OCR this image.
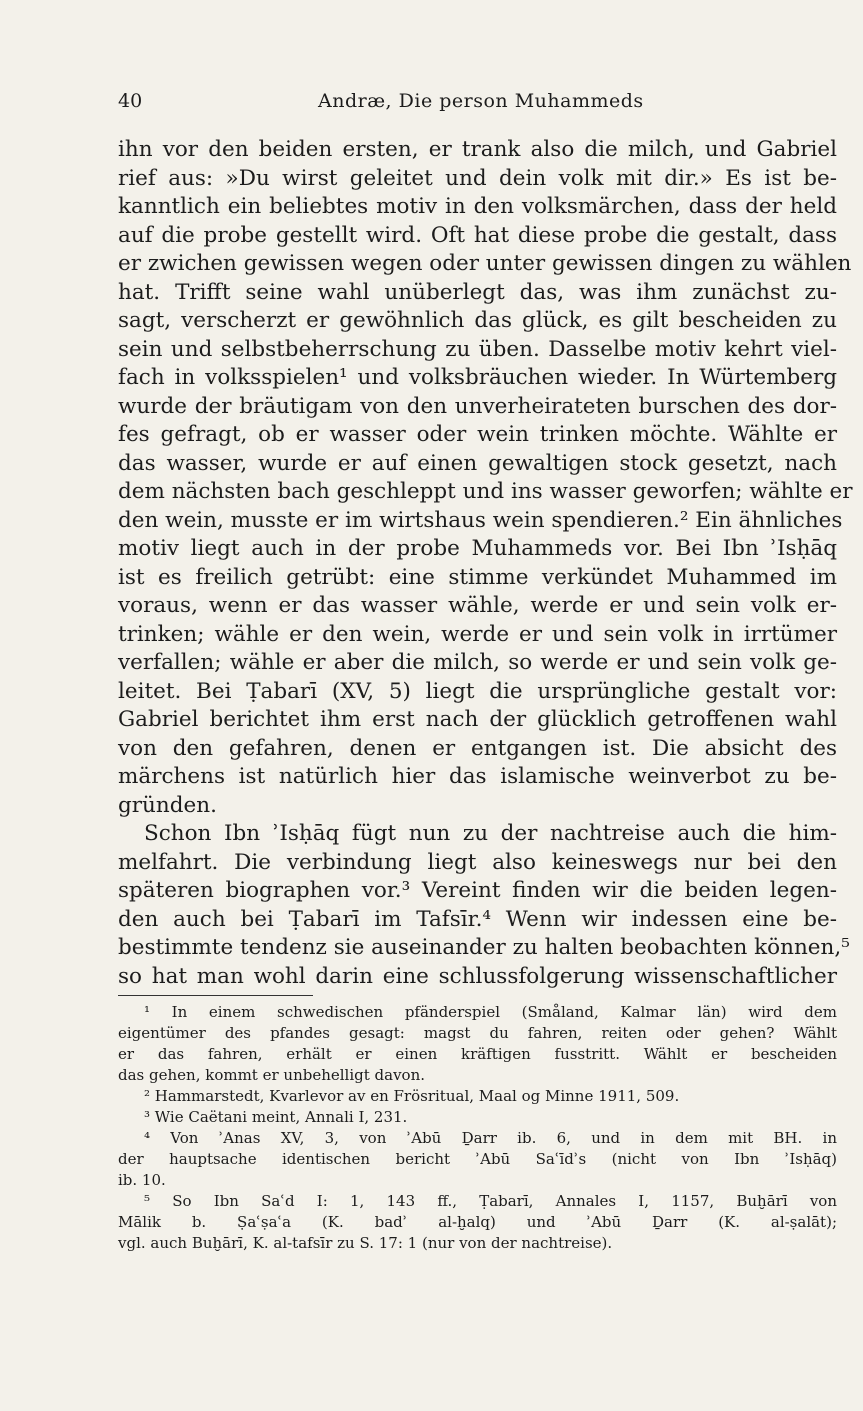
40	Andræ, Die person Muhammeds
ihn vor den beiden ersten, er trank also die milch, und Gabriel
rief aus: »Du wirst geleitet und dein volk mit dir.» Es ist be-
kanntlich ein beliebtes motiv in den volksmärchen, dass der held
auf die probe gestellt wird. Oft hat diese probe die gestalt, dass
er zwichen gewissen wegen oder unter gewissen dingen zu wählen
hat. Trifft seine wahl unüberlegt das, was ihm zunächst zu-
sagt, verscherzt er gewöhnlich das glück, es gilt bescheiden zu
sein und selbstbeherrschung zu üben. Dasselbe motiv kehrt viel-
fach in volksspielen¹ und volksbräuchen wieder. In Würtemberg
wurde der bräutigam von den unverheirateten burschen des dor-
fes gefragt, ob er wasser oder wein trinken möchte. Wählte er
das wasser, wurde er auf einen gewaltigen stock gesetzt, nach
dem nächsten bach geschleppt und ins wasser geworfen; wählte er
den wein, musste er im wirtshaus wein spendieren.² Ein ähnliches
motiv liegt auch in der probe Muhammeds vor. Bei Ibn ʾIsḥāq
ist es freilich getrübt: eine stimme verkündet Muhammed im
voraus, wenn er das wasser wähle, werde er und sein volk er-
trinken; wähle er den wein, werde er und sein volk in irrtümer
verfallen; wähle er aber die milch, so werde er und sein volk ge-
leitet. Bei Ṭabarī (XV, 5) liegt die ursprüngliche gestalt vor:
Gabriel berichtet ihm erst nach der glücklich getroffenen wahl
von den gefahren, denen er entgangen ist. Die absicht des
märchens ist natürlich hier das islamische weinverbot zu be-
gründen.
Schon Ibn ʾIsḥāq fügt nun zu der nachtreise auch die him-
melfahrt. Die verbindung liegt also keineswegs nur bei den
späteren biographen vor.³ Vereint finden wir die beiden legen-
den auch bei Ṭabarī im Tafsīr.⁴ Wenn wir indessen eine be-
bestimmte tendenz sie auseinander zu halten beobachten können,⁵
so hat man wohl darin eine schlussfolgerung wissenschaftlicher
¹ In einem schwedischen pfänderspiel (Småland, Kalmar län) wird dem
eigentümer des pfandes gesagt: magst du fahren, reiten oder gehen? Wählt
er das fahren, erhält er einen kräftigen fusstritt. Wählt er bescheiden
das gehen, kommt er unbehelligt davon.
² Hammarstedt, Kvarlevor av en Frösritual, Maal og Minne 1911, 509.
³ Wie Caëtani meint, Annali I, 231.
⁴ Von ʾAnas XV, 3, von ʾAbū Ḏarr ib. 6, und in dem mit BH. in
der hauptsache identischen bericht ʾAbū Saʿīdʾs (nicht von Ibn ʾIsḥāq)
ib. 10.
⁵ So Ibn Saʿd I: 1, 143 ff., Ṭabarī, Annales I, 1157, Buḫārī von
Mālik b. Ṣaʿṣaʿa (K. badʾ al-ḫalq) und ʾAbū Ḏarr (K. al-ṣalāt);
vgl. auch Buḫārī, K. al-tafsīr zu S. 17: 1 (nur von der nachtreise).
